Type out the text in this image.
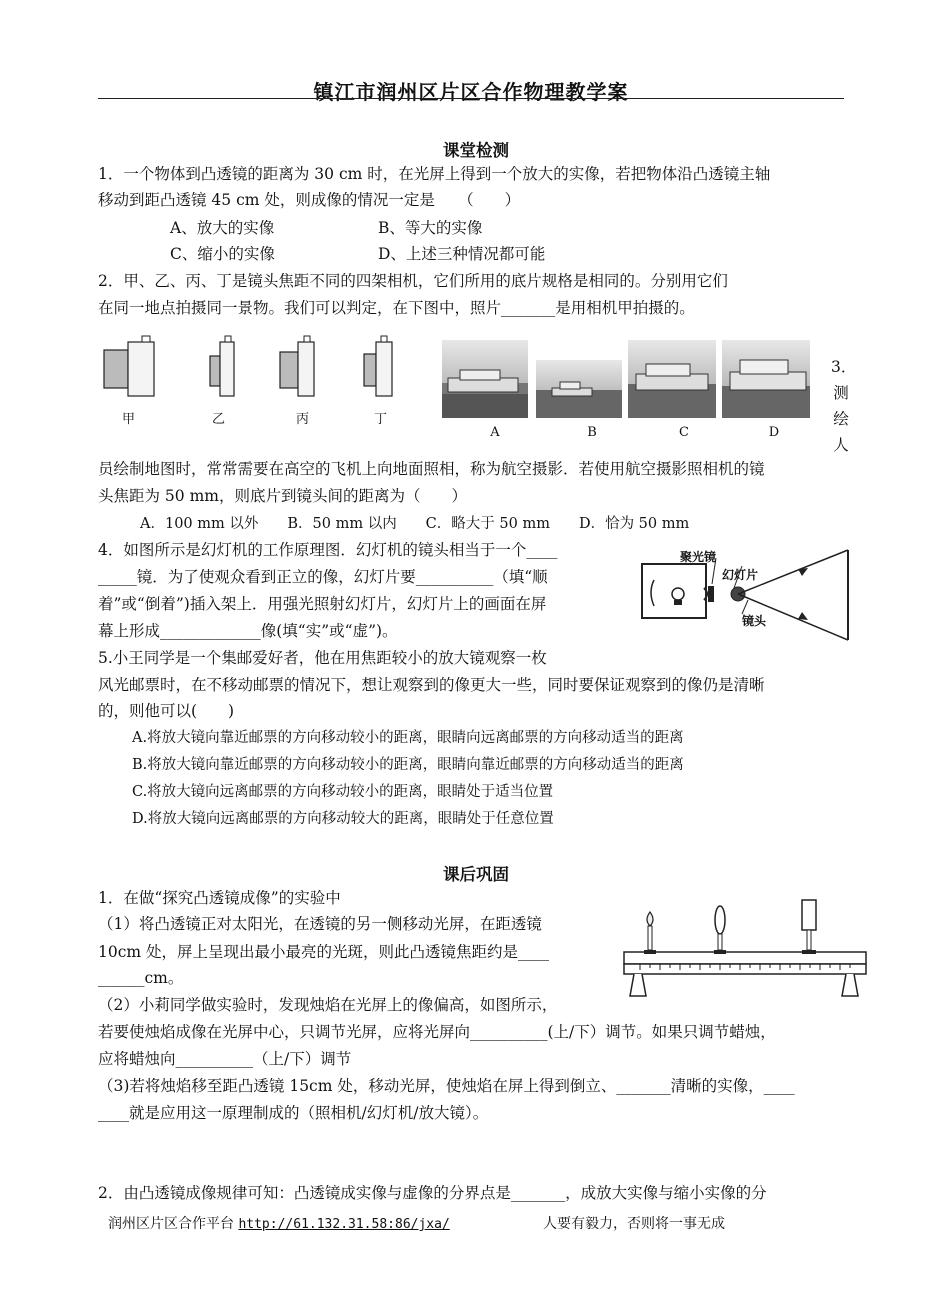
镇江市润州区片区合作物理教学案
课堂检测
1．一个物体到凸透镜的距离为 30 cm 时，在光屏上得到一个放大的实像，若把物体沿凸透镜主轴
移动到距凸透镜 45 cm 处，则成像的情况一定是　　（　　）
A、放大的实像	B、等大的实像
C、缩小的实像	D、上述三种情况都可能
2．甲、乙、丙、丁是镜头焦距不同的四架相机，它们所用的底片规格是相同的。分别用它们
在同一地点拍摄同一景物。我们可以判定，在下图中，照片_______是用相机甲拍摄的。
甲	乙	丙	丁
A	B	C	D
3．
测
绘
人
员绘制地图时，常常需要在高空的飞机上向地面照相，称为航空摄影．若使用航空摄影照相机的镜
头焦距为 50 mm，则底片到镜头间的距离为（　　）
A．100 mm 以外　　B．50 mm 以内　　C．略大于 50 mm　　D．恰为 50 mm
4．如图所示是幻灯机的工作原理图．幻灯机的镜头相当于一个____
_____镜．为了使观众看到正立的像，幻灯片要__________（填“顺
着”或“倒着”)插入架上．用强光照射幻灯片，幻灯片上的画面在屏
幕上形成_____________像(填“实”或“虚”)。
聚光镜
幻灯片
镜头
5.小王同学是一个集邮爱好者，他在用焦距较小的放大镜观察一枚
风光邮票时，在不移动邮票的情况下，想让观察到的像更大一些，同时要保证观察到的像仍是清晰
的，则他可以(　　)
A.将放大镜向靠近邮票的方向移动较小的距离，眼睛向远离邮票的方向移动适当的距离
B.将放大镜向靠近邮票的方向移动较小的距离，眼睛向靠近邮票的方向移动适当的距离
C.将放大镜向远离邮票的方向移动较小的距离，眼睛处于适当位置
D.将放大镜向远离邮票的方向移动较大的距离，眼睛处于任意位置
课后巩固
1．在做“探究凸透镜成像”的实验中
（1）将凸透镜正对太阳光，在透镜的另一侧移动光屏，在距透镜
10cm 处，屏上呈现出最小最亮的光斑，则此凸透镜焦距约是____
______cm。
（2）小莉同学做实验时，发现烛焰在光屏上的像偏高，如图所示，
若要使烛焰成像在光屏中心，只调节光屏，应将光屏向__________(上/下）调节。如果只调节蜡烛，
应将蜡烛向__________（上/下）调节
（3)若将烛焰移至距凸透镜 15cm 处，移动光屏，使烛焰在屏上得到倒立、_______清晰的实像，____
____就是应用这一原理制成的（照相机/幻灯机/放大镜）。
2．由凸透镜成像规律可知：凸透镜成实像与虚像的分界点是_______，成放大实像与缩小实像的分
润州区片区合作平台 http://61.132.31.58:86/jxa/	人要有毅力，否则将一事无成
